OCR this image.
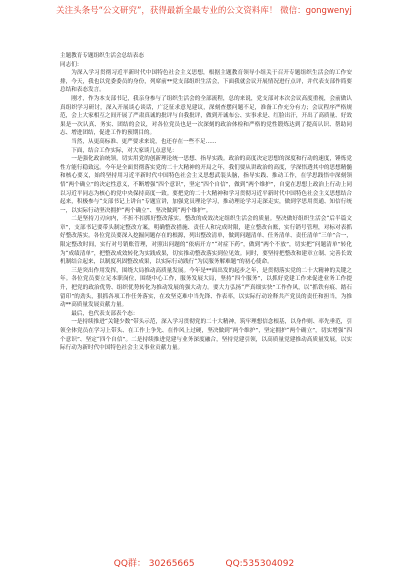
关注头条号“公文研究”，获得最新全最专业的公文资料库！ 微信：gongwenyj

主题教育专题组织生活会总结表态

同志们：

为深入学习贯彻习近平新时代中国特色社会主义思想，根据主题教育领导小组关于召开专题组织生活会的工作安排，今天，我也以党委委员的身份，列席前**党支部组织生活会，下面我就会议开展情况进行点评，并代表支部作简要总结和表态发言。

刚才，作为本支部书记，我亲身参与了组织生活会的全部流程，总的来说，党支部对本次会议高度重视，会前做认真组织学习研讨，深入开展谈心谈话，广泛征求意见建议，深刻查摆问题不足，准备工作充分有力；会议程序严格规范，会上大家相互之间开展了严肃真诚的批评与自我批评，做到开诚布公、实事求是、红脸出汗，开出了高质量、好效果是一次认真、务实、团结的会议，对各位党员也是一次深刻的政治体检和严格的党性锻炼达到了提高认识、帮助同志、增进团结，促进工作的预期目的。

当然，从更高标准、更严要求来说，也还存在一些不足……

下面，结合工作实际，对大家谈几点意见：

一是强化政治统领，切实用党的创新理论统一思想、指导实践。政治的高度决定思想的深度和行动的速度，锤炼党性方能行稳致远。今年是全面贯彻落实党的二十大精神的开局之年，我们要从讲政治的高度，学深悟透其中的思想精髓和核心要义，始终坚持用习近平新时代中国特色社会主义思想武装头脑，指导实践、推动工作，在学思践悟中深刻领悟“两个确立”的决定性意义，不断增强“四个意识”，坚定“四个自信”，做到“两个维护”，自觉在思想上政治上行动上同以习近平同志为核心的党中央保持高度一致。要把党的二十大精神和学习贯彻习近平新时代中国特色社会主义思想结合起来，积极参与“支部书记上讲台”专题宣讲，加强党员理论学习，推动理论学习走深走实，做到学思用贯通、知信行统一，以实际行动坚决拥护“两个确立”、坚决做到“两个维护”。

二是坚持刀刃向内，不折不扣抓好整改落实。整改的成效决定组织生活会的质量。坚决做好组织生活会“后半篇文章”，支部书记要带头制定整改方案，明确整改措施、责任人和完成时限，建立整改台账，实行销号管理，对标对表抓好整改落实。各位党员要深入挖掘问题存在的根源，列出整改清单，做到问题清单、任务清单、责任清单“三单”合一，限定整改时间，实行对号销账管理，对照出问题的“依病开方”“对症下药”，做到“两个不放”，切实把“问题清单”转化为“成绩清单”，把整改成效转化为实践成果，切实推动整改落实到位见效。同时，要坚持把整改和建章立制、完善长效机制结合起来，以制度巩固整改成果，以实际行动践行“为民服务解难题”的初心使命。

三是突出作用发挥，围绕大局推动高质量发展。今年是**面出发的起步之年，是贯彻落实党的二十大精神的关键之年。各位党员要立足本职岗位，围绕中心工作，服务发展大局，坚持“四个服务”，以抓好党建工作来促进业务工作提升，把党的政治优势、组织优势转化为推动发展的强大动力。要大力弘扬“严真细实快”工作作风，以“抓铁有痕、踏石留印”的劲头，狠抓各项工作任务落实，在攻坚克难中当先锋、作表率，以实际行动诠释共产党员的责任和担当，为推动**高质量发展贡献力量。

最后，也代表支部表个态：

一是持续推进“关键少数”带头示范，深入学习贯彻党的二十大精神，筑牢理想信念根基，以身作则、率先垂范，引领全体党员在学习上带头、在工作上争先、在作风上过硬，坚决做到“两个维护”，坚定拥护“两个确立”，切实增强“四个意识”、坚定“四个自信”。二是持续推进党建与业务深度融合，坚持党建引领，以高质量党建推动高质量发展，以实际行动为新时代中国特色社会主义事业贡献力量。

QQ群： 30265665	QQ:535304092
